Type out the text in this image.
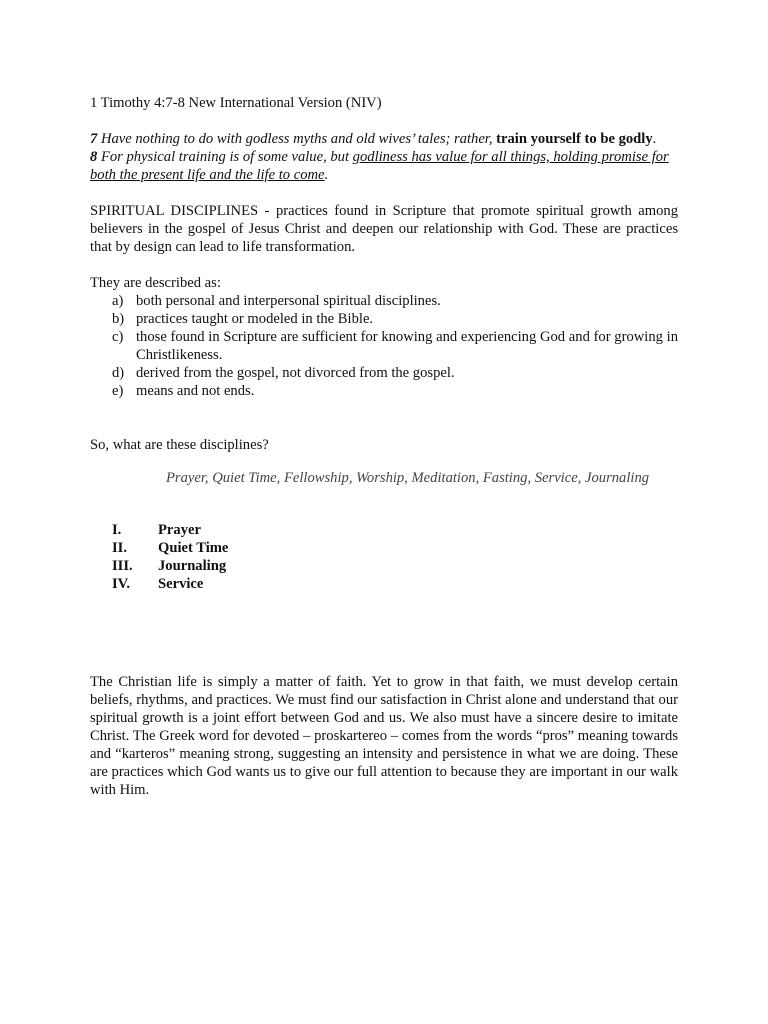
1 Timothy 4:7-8 New International Version (NIV)

7 Have nothing to do with godless myths and old wives’ tales; rather, train yourself to be godly.
8 For physical training is of some value, but godliness has value for all things, holding promise for both the present life and the life to come.

SPIRITUAL DISCIPLINES - practices found in Scripture that promote spiritual growth among believers in the gospel of Jesus Christ and deepen our relationship with God. These are practices that by design can lead to life transformation.

They are described as:

a) both personal and interpersonal spiritual disciplines.
b) practices taught or modeled in the Bible.
c) those found in Scripture are sufficient for knowing and experiencing God and for growing in Christlikeness.
d) derived from the gospel, not divorced from the gospel.
e) means and not ends.

So, what are these disciplines?

Prayer, Quiet Time, Fellowship, Worship, Meditation, Fasting, Service, Journaling

I.	Prayer
II.	Quiet Time
III.	Journaling
IV.	Service

The Christian life is simply a matter of faith. Yet to grow in that faith, we must develop certain beliefs, rhythms, and practices. We must find our satisfaction in Christ alone and understand that our spiritual growth is a joint effort between God and us. We also must have a sincere desire to imitate Christ. The Greek word for devoted – proskartereo – comes from the words “pros” meaning towards and “karteros” meaning strong, suggesting an intensity and persistence in what we are doing. These are practices which God wants us to give our full attention to because they are important in our walk with Him.
